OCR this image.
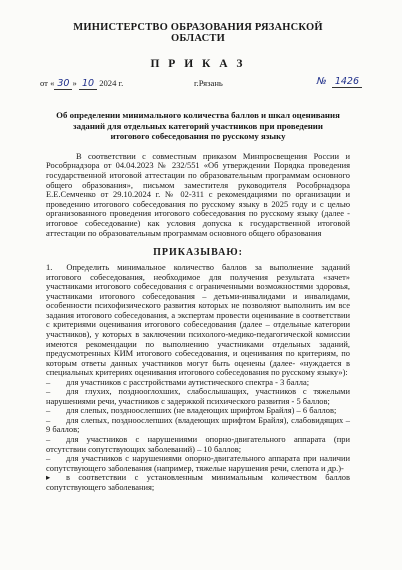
МИНИСТЕРСТВО ОБРАЗОВАНИЯ РЯЗАНСКОЙ ОБЛАСТИ
П Р И К А З
от « 30 » 10 2024 г.	г.Рязань	№ 1426
Об определении минимального количества баллов и шкал оценивания заданий для отдельных категорий участников при проведении итогового собеседования по русскому языку
В соответствии с совместным приказом Минпросвещения России и Рособрнадзора от 04.04.2023 № 232/551 «Об утверждении Порядка проведения государственной итоговой аттестации по образовательным программам основного общего образования», письмом заместителя руководителя Рособрнадзора Е.Е.Семченко от 29.10.2024 г. № 02-311 с рекомендациями по организации и проведению итогового собеседования по русскому языку в 2025 году и с целью организованного проведения итогового собеседования по русскому языку (далее - итоговое собеседование) как условия допуска к государственной итоговой аттестации по образовательным программам основного общего образования
ПРИКАЗЫВАЮ:

1. Определить минимальное количество баллов за выполнение заданий итогового собеседования, необходимое для получения результата «зачет» участниками итогового собеседования с ограниченными возможностями здоровья, участниками итогового собеседования – детьми-инвалидами и инвалидами, особенности психофизического развития которых не позволяют выполнить им все задания итогового собеседования, а экспертам провести оценивание в соответствии с критериями оценивания итогового собеседования (далее – отдельные категории участников), у которых в заключении психолого-медико-педагогической комиссии имеются рекомендации по выполнению участниками отдельных заданий, предусмотренных КИМ итогового собеседования, и оценивания по критериям, по которым ответы данных участников могут быть оценены (далее- «нуждается в специальных критериях оценивания итогового собеседования по русскому языку»):

– для участников с расстройствами аутистического спектра - 3 балла;

– для глухих, позднооглохших, слабослышащих, участников с тяжелыми нарушениями речи, участников с задержкой психического развития - 5 баллов;

– для слепых, поздноослепших (не владеющих шрифтом Брайля) – 6 баллов;

– для слепых, поздноослепших (владеющих шрифтом Брайля), слабовидящих – 9 баллов;

– для участников с нарушениями опорно-двигательного аппарата (при отсутствии сопутствующих заболеваний) – 10 баллов;

– для участников с нарушениями опорно-двигательного аппарата при наличии сопутствующего заболевания (например, тяжелые нарушения речи, слепота и др.)-

▸ в соответствии с установленным минимальным количеством баллов сопутствующего заболевания;
